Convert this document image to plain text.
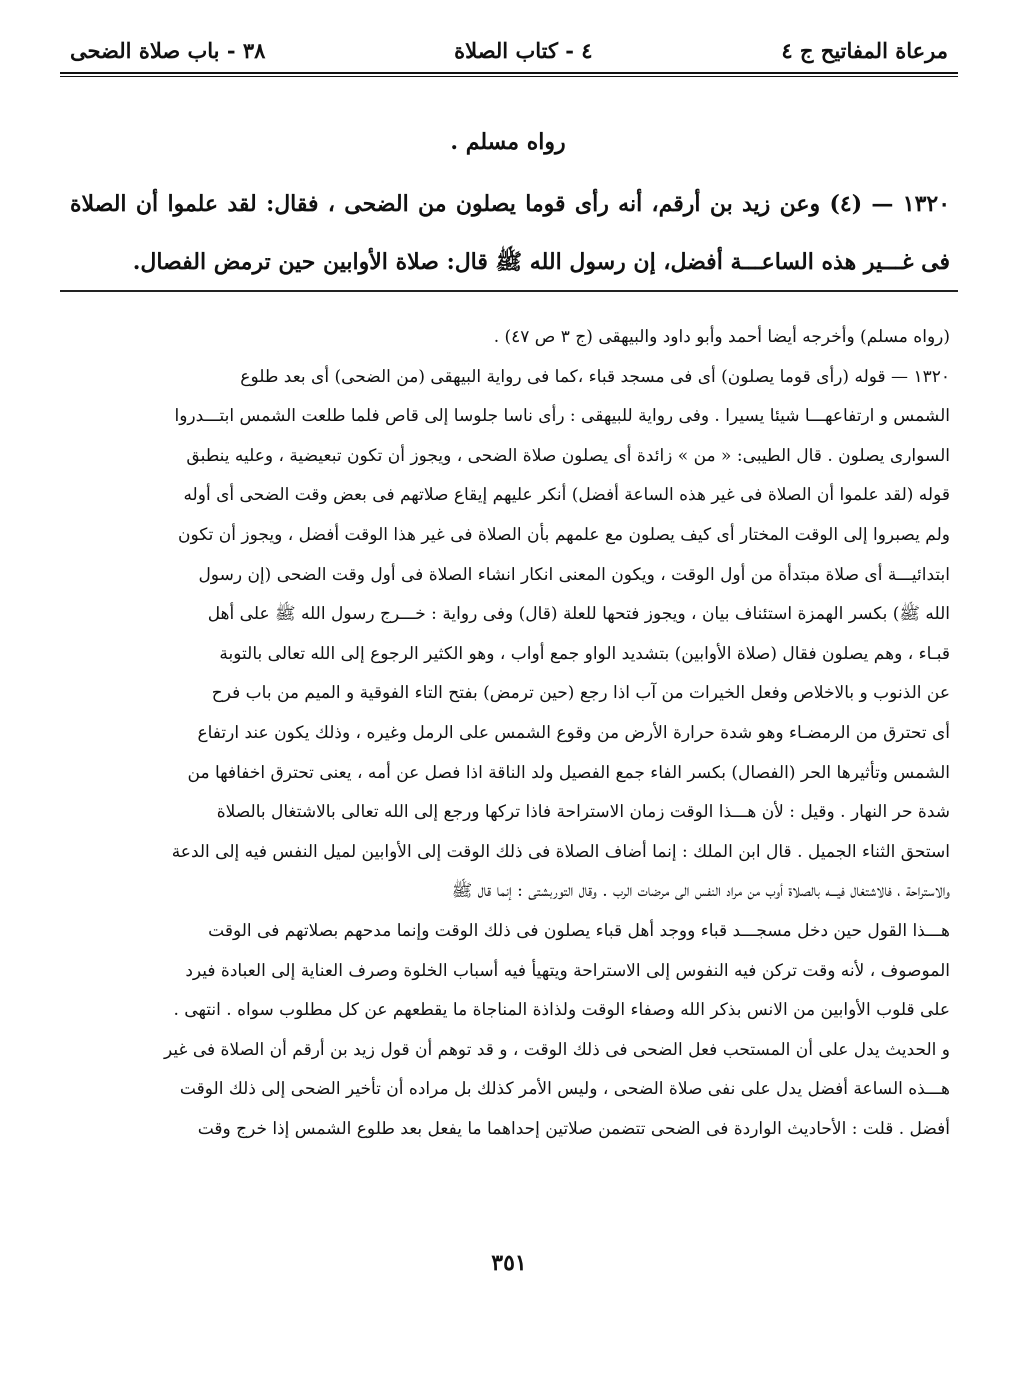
مرعاة المفاتيح ج ٤
٤ - كتاب الصلاة
٣٨ - باب صلاة الضحى
رواه مسلم .
١٣٢٠ — (٤) وعن زيد بن أرقم، أنه رأى قوما يصلون من الضحى ، فقال: لقد علموا أن الصلاة فى غـــير هذه الساعـــة أفضل، إن رسول الله ﷺ قال: صلاة الأوابين حين ترمض الفصال.
(رواه مسلم) وأخرجه أيضا أحمد وأبو داود والبيهقى (ج ٣ ص ٤٧) .
١٣٢٠ — قوله (رأى قوما يصلون) أى فى مسجد قباء ،كما فى رواية البيهقى (من الضحى) أى بعد طلوع
الشمس و ارتفاعهـــا شيئا يسيرا . وفى رواية للبيهقى : رأى ناسا جلوسا إلى قاص فلما طلعت الشمس ابتـــدروا
السوارى يصلون . قال الطيبى: « من » زائدة أى يصلون صلاة الضحى ، ويجوز أن تكون تبعيضية ، وعليه ينطبق
قوله (لقد علموا أن الصلاة فى غير هذه الساعة أفضل) أنكر عليهم إيقاع صلاتهم فى بعض وقت الضحى أى أوله
ولم يصبروا إلى الوقت المختار أى كيف يصلون مع علمهم بأن الصلاة فى غير هذا الوقت أفضل ، ويجوز أن تكون
ابتدائيـــة أى صلاة مبتدأة من أول الوقت ، ويكون المعنى انكار انشاء الصلاة فى أول وقت الضحى (إن رسول
الله ﷺ) بكسر الهمزة استئناف بيان ، ويجوز فتحها للعلة (قال) وفى رواية : خـــرج رسول الله ﷺ على أهل
قبـاء ، وهم يصلون فقال (صلاة الأوابين) بتشديد الواو جمع أواب ، وهو الكثير الرجوع إلى الله تعالى بالتوبة
عن الذنوب و بالاخلاص وفعل الخيرات من آب اذا رجع (حين ترمض) بفتح التاء الفوقية و الميم من باب فرح
أى تحترق من الرمضـاء وهو شدة حرارة الأرض من وقوع الشمس على الرمل وغيره ، وذلك يكون عند ارتفاع
الشمس وتأثيرها الحر (الفصال) بكسر الفاء جمع الفصيل ولد الناقة اذا فصل عن أمه ، يعنى تحترق اخفافها من
شدة حر النهار . وقيل : لأن هـــذا الوقت زمان الاستراحة فاذا تركها ورجع إلى الله تعالى بالاشتغال بالصلاة
استحق الثناء الجميل . قال ابن الملك : إنما أضاف الصلاة فى ذلك الوقت إلى الأوابين لميل النفس فيه إلى الدعة
والاستراحة ، فالاشتغال فيـــه بالصلاة أوب من مراد النفس الى مرضات الرب . وقال التوربشتى : إنما قال ﷺ
هـــذا القول حين دخل مسجـــد قباء ووجد أهل قباء يصلون فى ذلك الوقت وإنما مدحهم بصلاتهم فى الوقت
الموصوف ، لأنه وقت تركن فيه النفوس إلى الاستراحة ويتهيأ فيه أسباب الخلوة وصرف العناية إلى العبادة فيرد
على قلوب الأوابين من الانس بذكر الله وصفاء الوقت ولذاذة المناجاة ما يقطعهم عن كل مطلوب سواه . انتهى .
و الحديث يدل على أن المستحب فعل الضحى فى ذلك الوقت ، و قد توهم أن قول زيد بن أرقم أن الصلاة فى غير
هـــذه الساعة أفضل يدل على نفى صلاة الضحى ، وليس الأمر كذلك بل مراده أن تأخير الضحى إلى ذلك الوقت
أفضل . قلت : الأحاديث الواردة فى الضحى تتضمن صلاتين إحداهما ما يفعل بعد طلوع الشمس إذا خرج وقت
٣٥١
